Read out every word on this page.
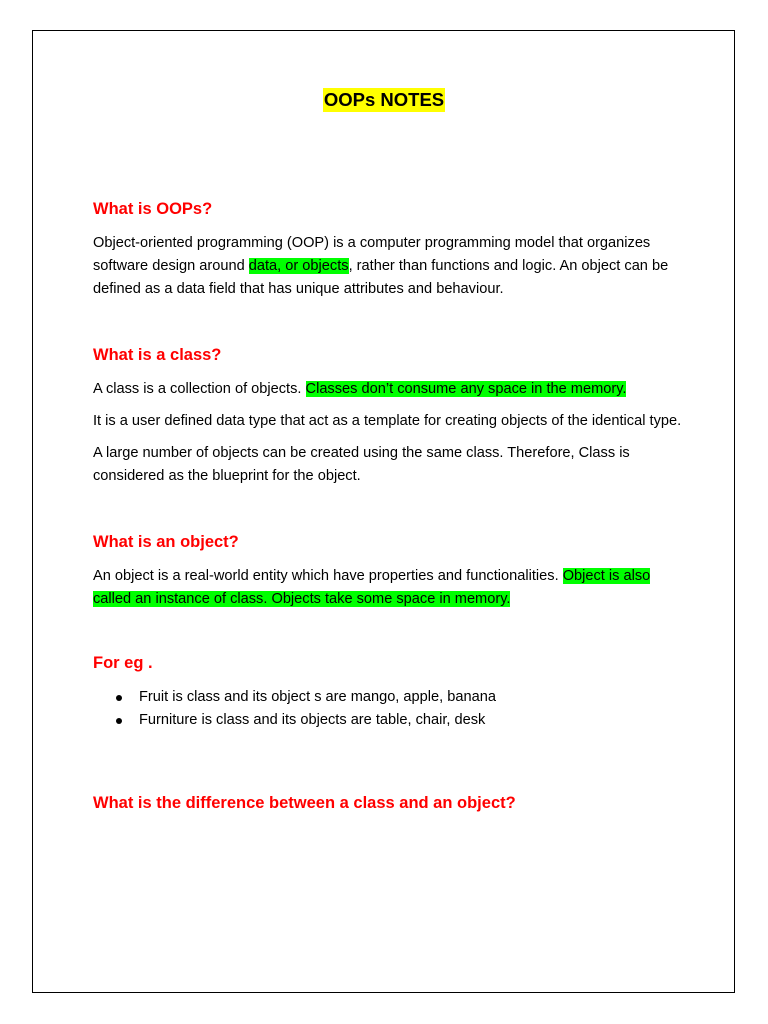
OOPs NOTES
What is OOPs?

Object-oriented programming (OOP) is a computer programming model that organizes software design around data, or objects, rather than functions and logic. An object can be defined as a data field that has unique attributes and behaviour.

What is a class?

A class is a collection of objects. Classes don’t consume any space in the memory.

It is a user defined data type that act as a template for creating objects of the identical type.

A large number of objects can be created using the same class. Therefore, Class is considered as the blueprint for the object.

What is an object?

An object is a real-world entity which have properties and functionalities. Object is also called an instance of class. Objects take some space in memory.

For eg .
Fruit is class and its object s are mango, apple, banana
Furniture is class and its objects are table, chair, desk
What is the difference between a class and an object?
